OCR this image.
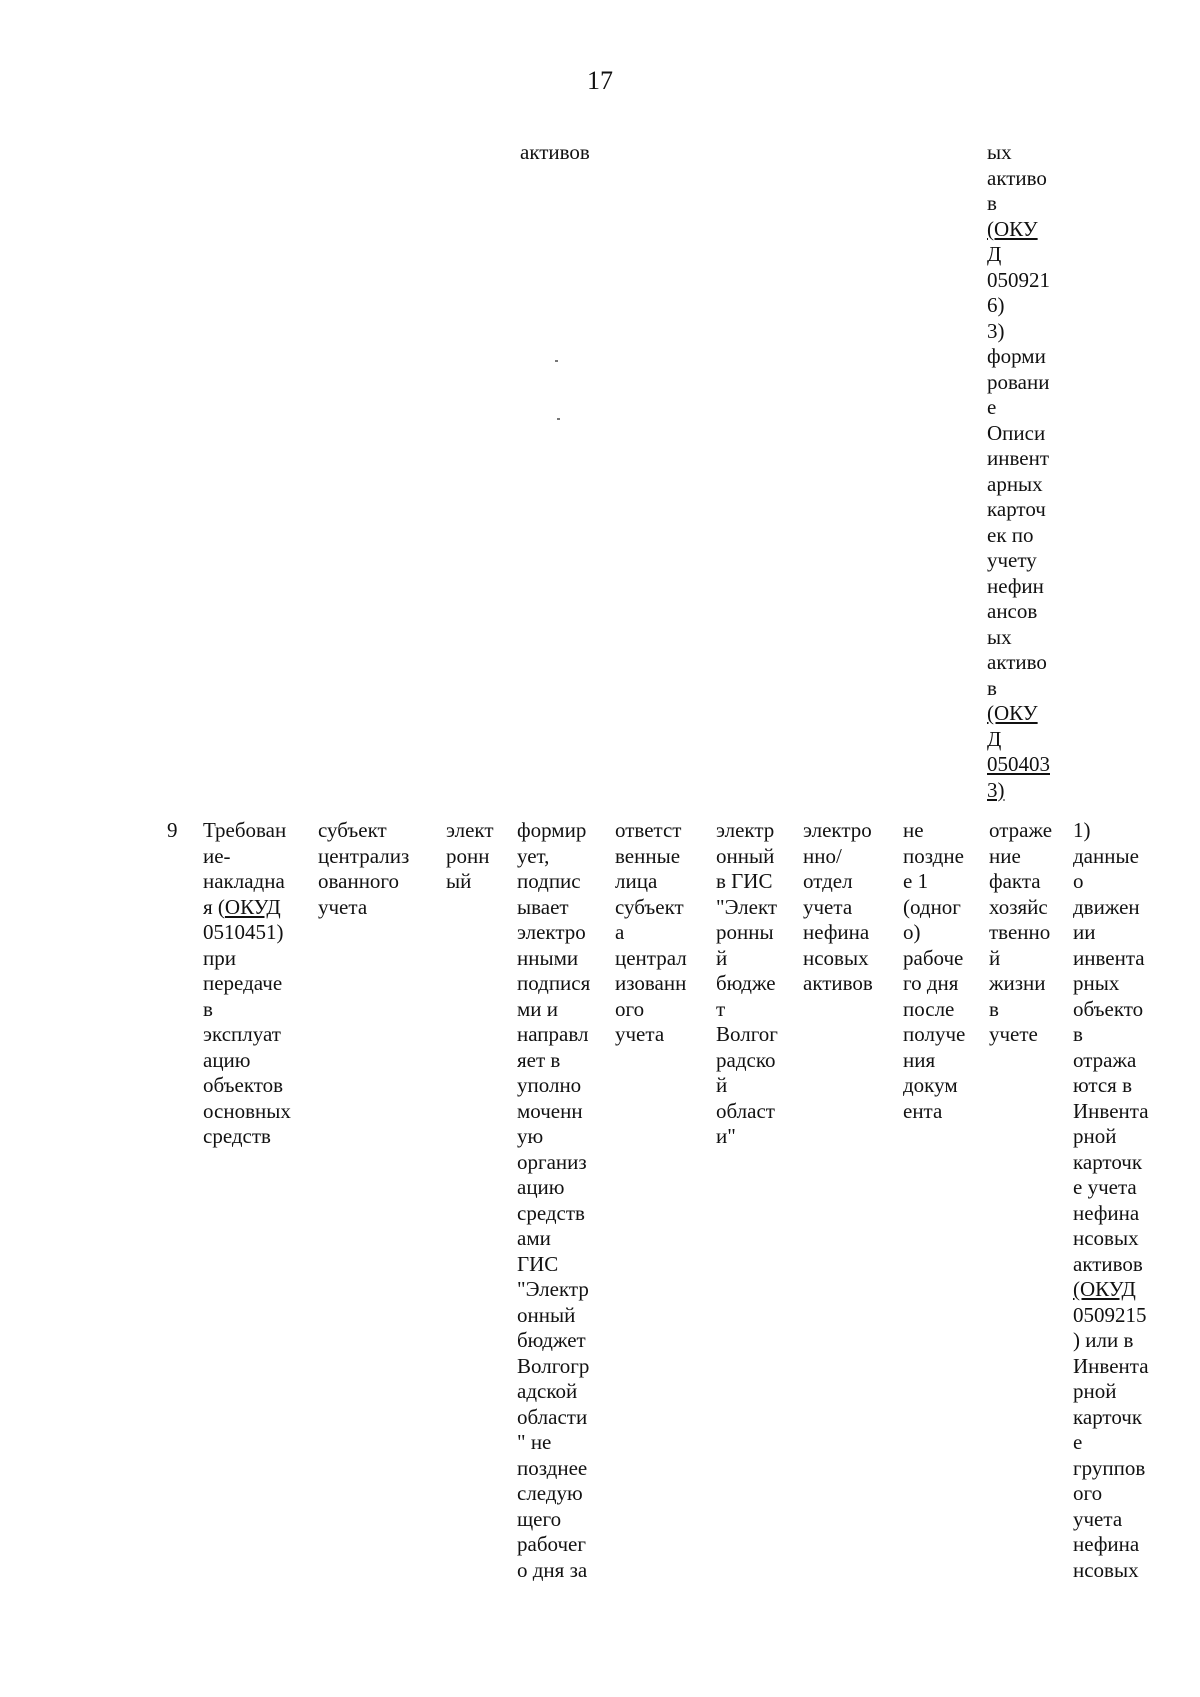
17
активов	ых
активо
в
(ОКУ
Д
050921
6)
3)
форми
ровани
е
Описи
инвент
арных
карточ
ек по
учету
нефин
ансов
ых
активо
в
(ОКУ
Д
050403
3)
9 Требован
ие-
накладна
я (ОКУД
0510451)
при
передаче
в
эксплуат
ацию
объектов
основных
средств
субъект
централиз
ованного
учета
элект
ронн
ый
формир
ует,
подпис
ывает
электро
нными
подпися
ми и
направл
яет в
уполно
моченн
ую
организ
ацию
средств
ами
ГИС
"Электр
онный
бюджет
Волгогр
адской
области
" не
позднее
следую
щего
рабочег
о дня за
ответст
венные
лица
субъект
а
централ
изованн
ого
учета
электр
онный
в ГИС
"Элект
ронны
й
бюдже
т
Волгог
радско
й
област
и"
электро
нно/
отдел
учета
нефина
нсовых
активов
не
поздне
е 1
(одног
о)
рабоче
го дня
после
получе
ния
докум
ента
отраже
ние
факта
хозяйс
твенно
й
жизни
в
учете
1)
данные
о
движен
ии
инвента
рных
объекто
в
отража
ются в
Инвента
рной
карточк
е учета
нефина
нсовых
активов
(ОКУД
0509215
) или в
Инвента
рной
карточк
е
группов
ого
учета
нефина
нсовых
